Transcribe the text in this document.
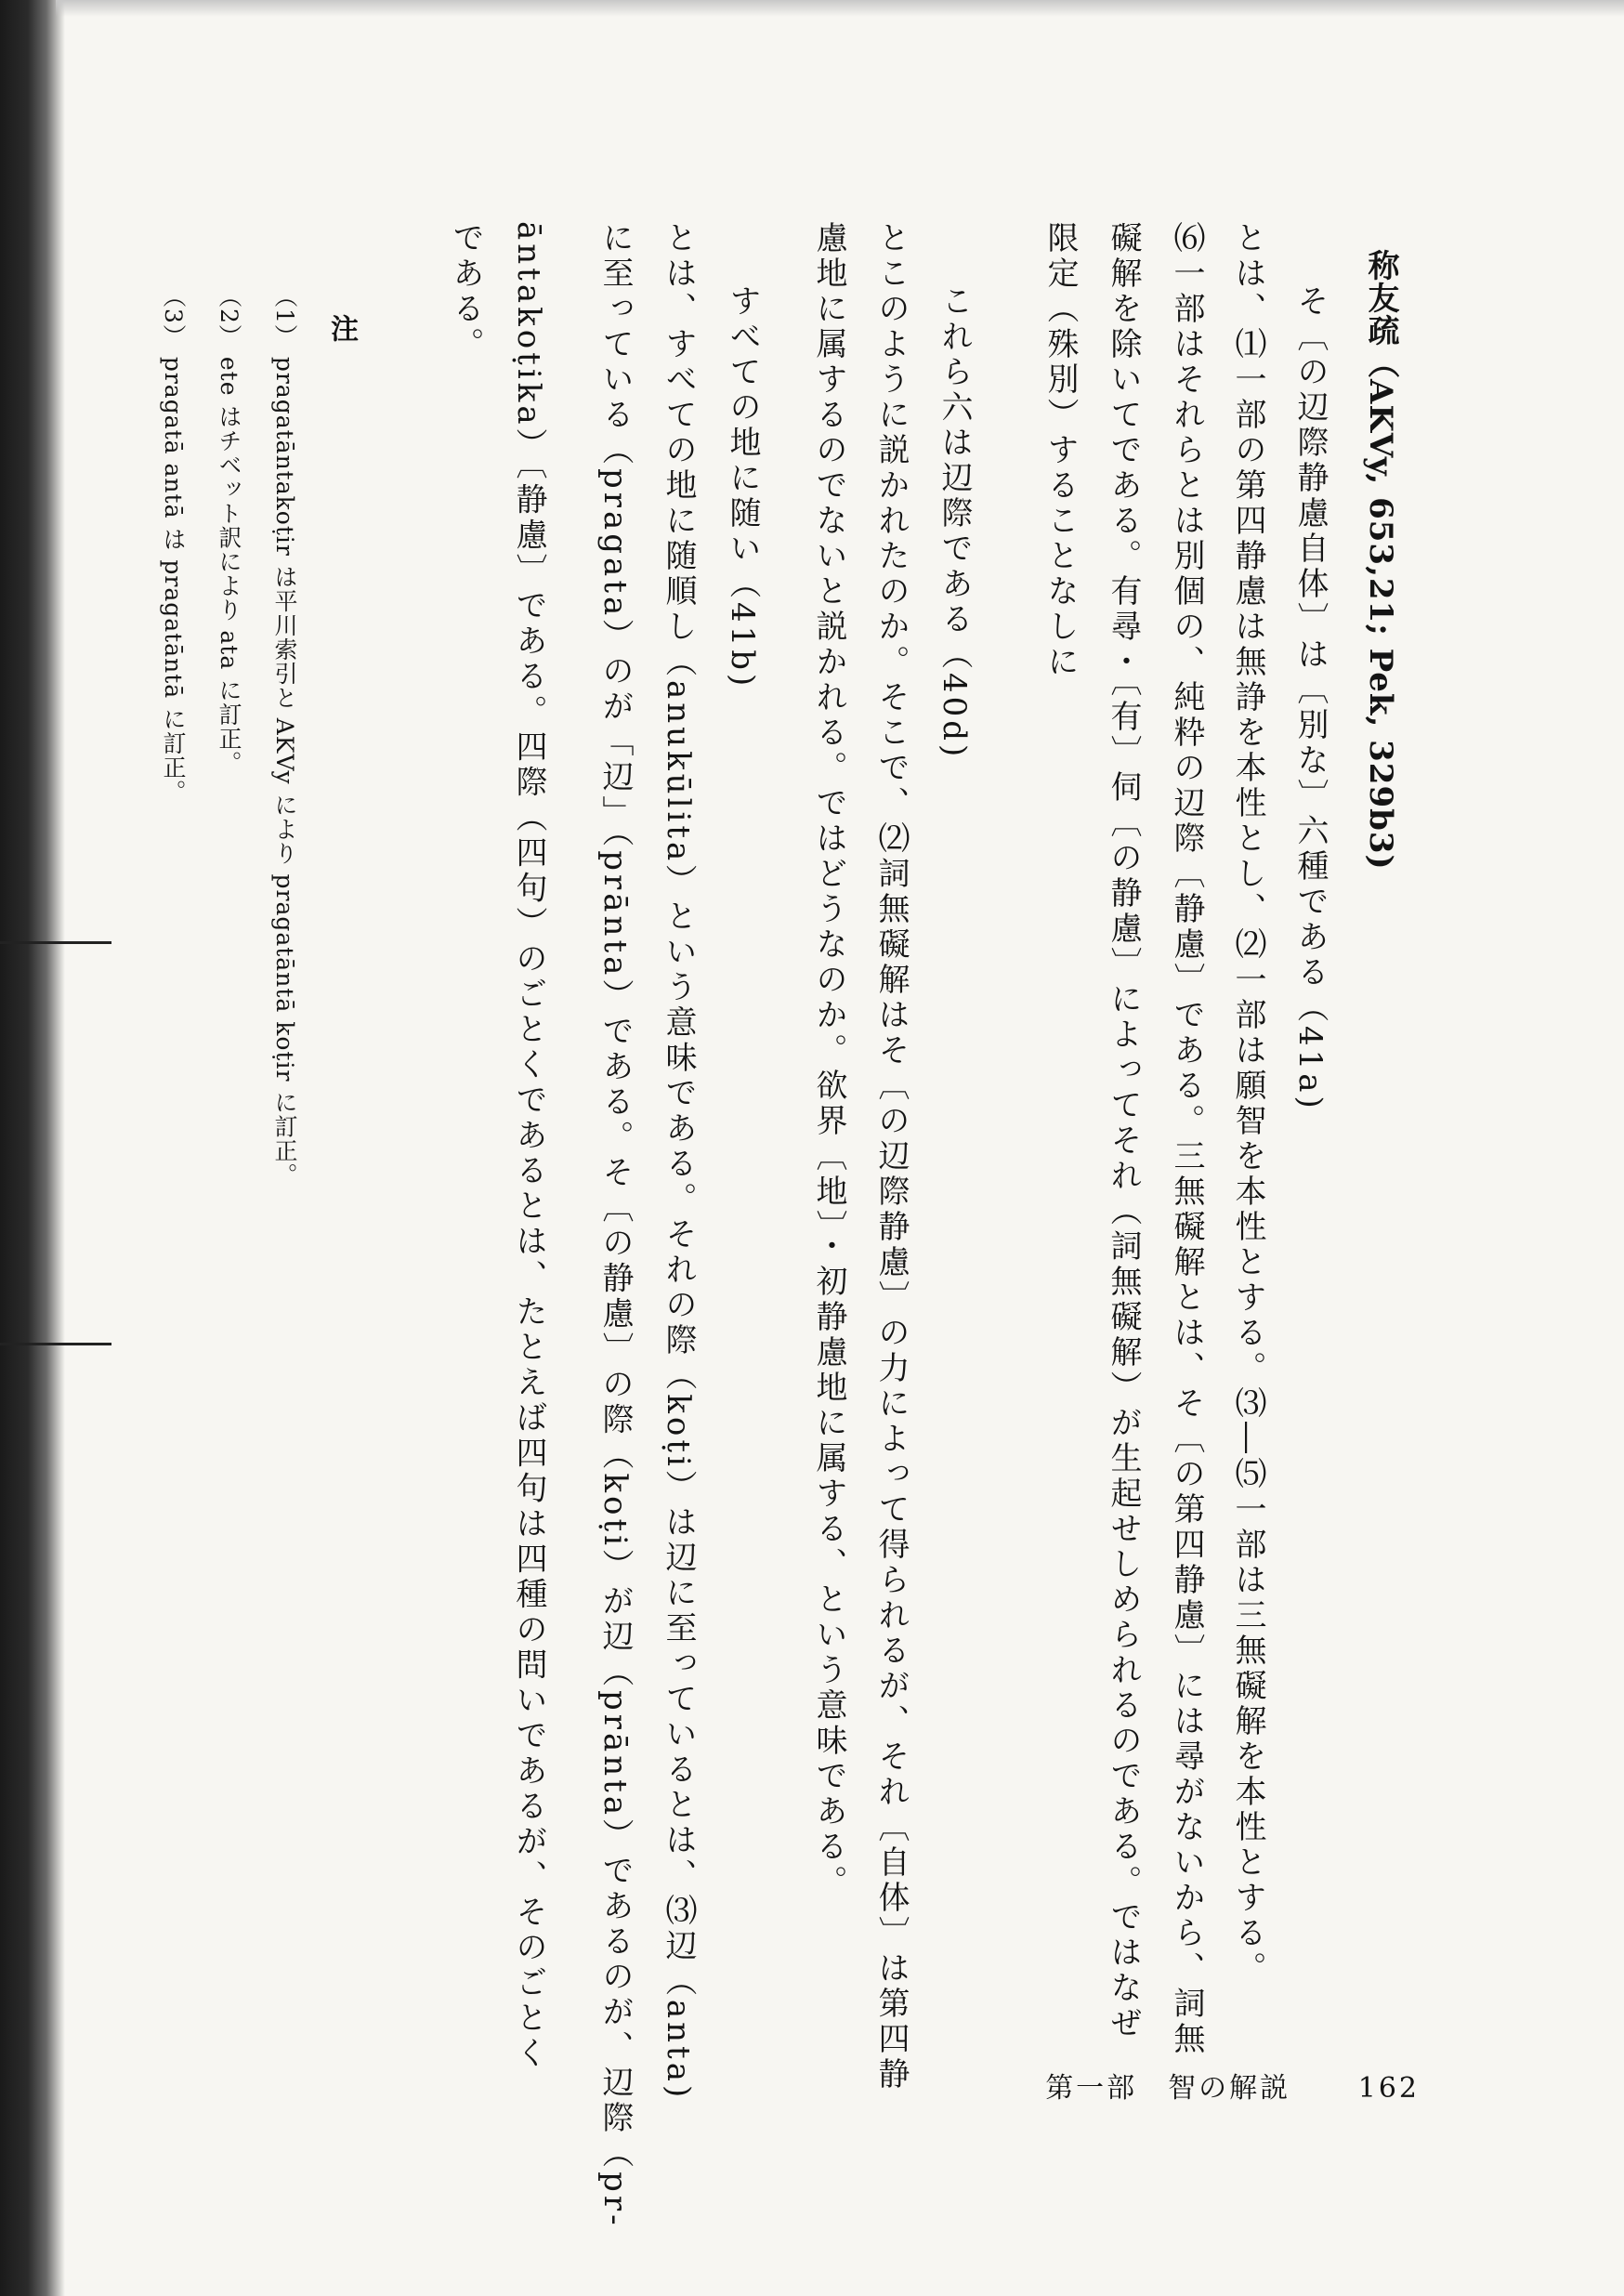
称友疏（AKVy, 653,21; Pek, 329b3)
そ〔の辺際静慮自体〕は〔別な〕六種である（41a)
とは、⑴一部の第四静慮は無諍を本性とし、⑵一部は願智を本性とする。⑶―⑸一部は三無礙解を本性とする。
⑹一部はそれらとは別個の、純粋の辺際〔静慮〕である。三無礙解とは、そ〔の第四静慮〕には尋がないから、詞無
礙解を除いてである。有尋・〔有〕伺〔の静慮〕によってそれ（詞無礙解）が生起せしめられるのである。ではなぜ
限定（殊別）することなしに
これら六は辺際である（40d)
とこのように説かれたのか。そこで、⑵詞無礙解はそ〔の辺際静慮〕の力によって得られるが、それ〔自体〕は第四静
慮地に属するのでないと説かれる。ではどうなのか。欲界〔地〕・初静慮地に属する、という意味である。
すべての地に随い（41b)
とは、すべての地に随順し（anukūlita）という意味である。それの際（koṭi）は辺に至っているとは、⑶辺（anta)
に至っている（pragata）のが「辺」（prānta）である。そ〔の静慮〕の際（koṭi）が辺（prānta）であるのが、辺際（pr-
āntakoṭika）〔静慮〕である。四際（四句）のごとくであるとは、たとえば四句は四種の問いであるが、そのごとく
である。
注
（1） pragatāntakoṭir は平川索引と AKVy により pragatāntā koṭir に訂正。
（2） ete はチベット訳により ata に訂正。
（3） pragatā antā は pragatāntā に訂正。
第一部　智の解説 162
